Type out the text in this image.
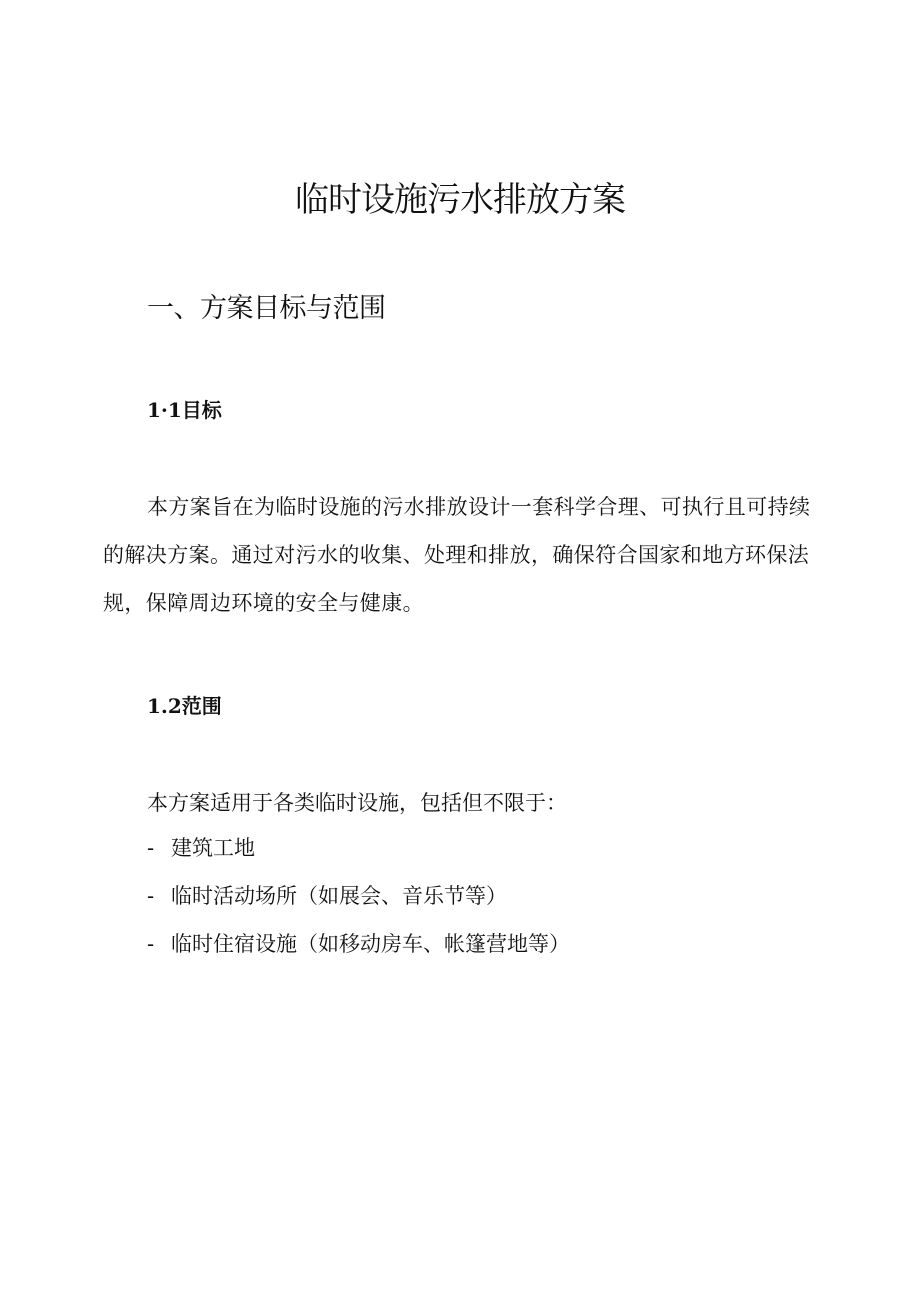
临时设施污水排放方案
一、方案目标与范围
1·1目标

本方案旨在为临时设施的污水排放设计一套科学合理、可执行且可持续的解决方案。通过对污水的收集、处理和排放，确保符合国家和地方环保法规，保障周边环境的安全与健康。

1.2范围

本方案适用于各类临时设施，包括但不限于：

- 建筑工地
- 临时活动场所（如展会、音乐节等）
- 临时住宿设施（如移动房车、帐篷营地等）
